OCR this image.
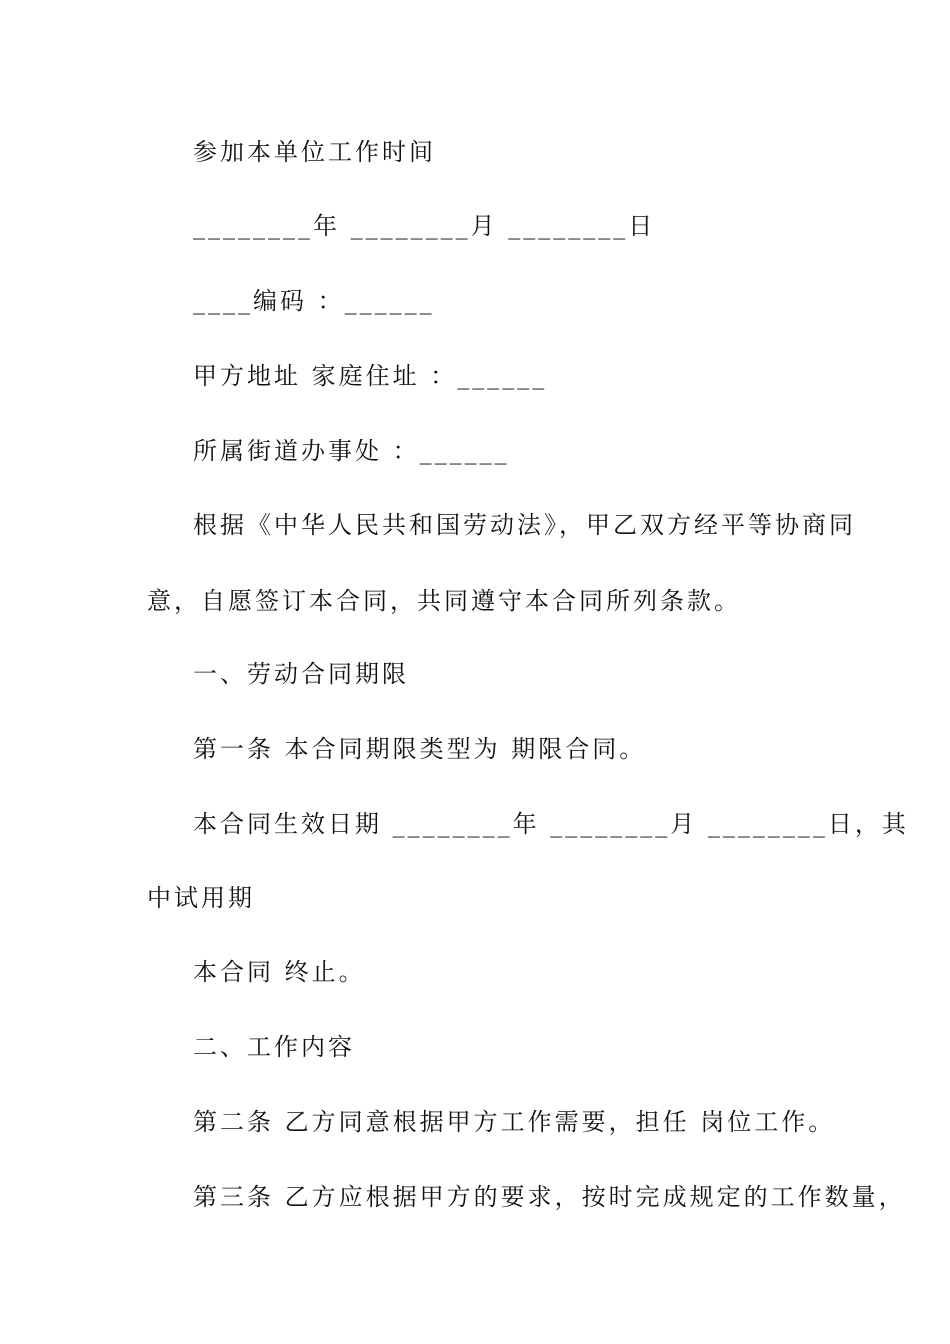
参加本单位工作时间
________年 ________月 ________日
____编码 ：______
甲方地址 家庭住址 ：______
所属街道办事处 ：______
根据《中华人民共和国劳动法》，甲乙双方经平等协商同
意，自愿签订本合同，共同遵守本合同所列条款。
一、劳动合同期限
第一条 本合同期限类型为 期限合同。
本合同生效日期 ________年 ________月 ________日，其
中试用期
本合同 终止。
二、工作内容
第二条 乙方同意根据甲方工作需要，担任 岗位工作。
第三条 乙方应根据甲方的要求，按时完成规定的工作数量，
